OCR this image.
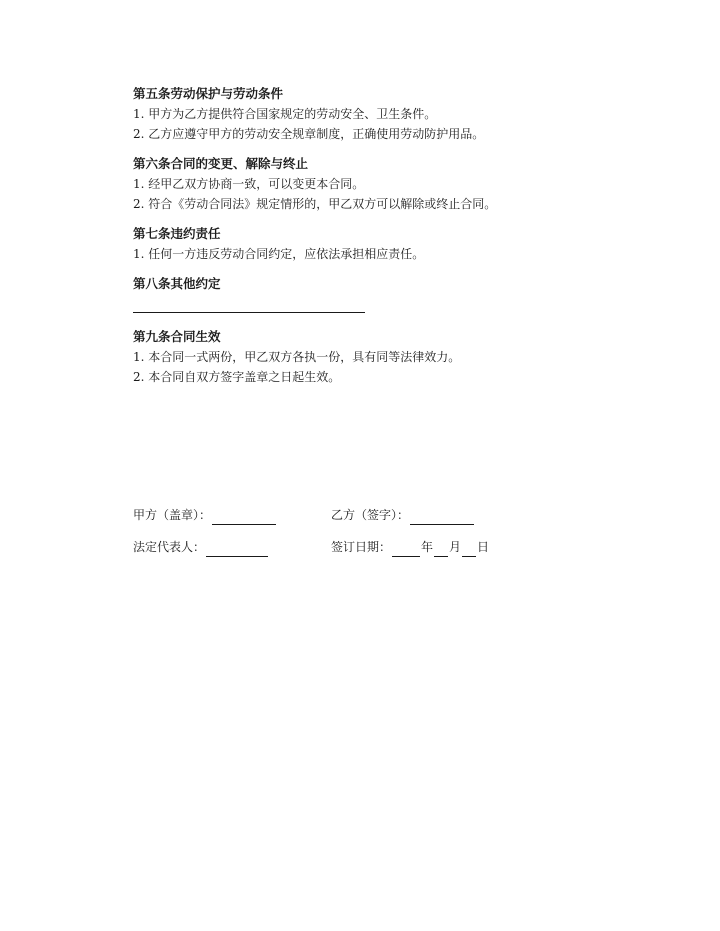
第五条劳动保护与劳动条件

1. 甲方为乙方提供符合国家规定的劳动安全、卫生条件。

2. 乙方应遵守甲方的劳动安全规章制度，正确使用劳动防护用品。

第六条合同的变更、解除与终止

1. 经甲乙双方协商一致，可以变更本合同。

2. 符合《劳动合同法》规定情形的，甲乙双方可以解除或终止合同。

第七条违约责任

1. 任何一方违反劳动合同约定，应依法承担相应责任。

第八条其他约定

第九条合同生效

1. 本合同一式两份，甲乙双方各执一份，具有同等法律效力。

2. 本合同自双方签字盖章之日起生效。

甲方（盖章）：	乙方（签字）：
法定代表人：	签订日期：	年 月 日
